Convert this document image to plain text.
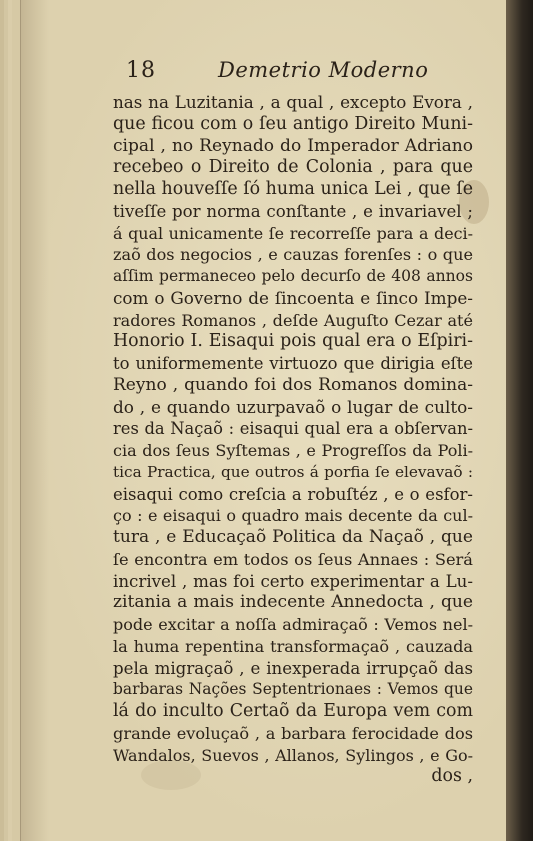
18	Demetrio Moderno
nas na Luzitania , a qual , excepto Evora ,
que ficou com o ſeu antigo Direito Muni-
cipal , no Reynado do Imperador Adriano
recebeo o Direito de Colonia , para que
nella houveſſe ſó huma unica Lei , que ſe
tiveſſe por norma conſtante , e invariavel ;
á qual unicamente ſe recorreſſe para a deci-
zaõ dos negocios , e cauzas forenſes : o que
aſſim permaneceo pelo decurſo de 408 annos
com o Governo de ſincoenta e ſinco Impe-
radores Romanos , deſde Auguſto Cezar até
Honorio I. Eisaqui pois qual era o Eſpiri-
to uniformemente virtuozo que dirigia eſte
Reyno , quando foi dos Romanos domina-
do , e quando uzurpavaõ o lugar de culto-
res da Naçaõ : eisaqui qual era a obſervan-
cia dos ſeus Syſtemas , e Progreſſos da Poli-
tica Practica, que outros á porfia ſe elevavaõ :
eisaqui como creſcia a robuſtéz , e o esfor-
ço : e eisaqui o quadro mais decente da cul-
tura , e Educaçaõ Politica da Naçaõ , que
ſe encontra em todos os ſeus Annaes : Será
incrivel , mas foi certo experimentar a Lu-
zitania a mais indecente Annedocta , que
pode excitar a noſſa admiraçaõ : Vemos nel-
la huma repentina transformaçaõ , cauzada
pela migraçaõ , e inexperada irrupçaõ das
barbaras Nações Septentrionaes : Vemos que
lá do inculto Certaõ da Europa vem com
grande evoluçaõ , a barbara ferocidade dos
Wandalos, Suevos , Allanos, Sylingos , e Go-
dos ,
